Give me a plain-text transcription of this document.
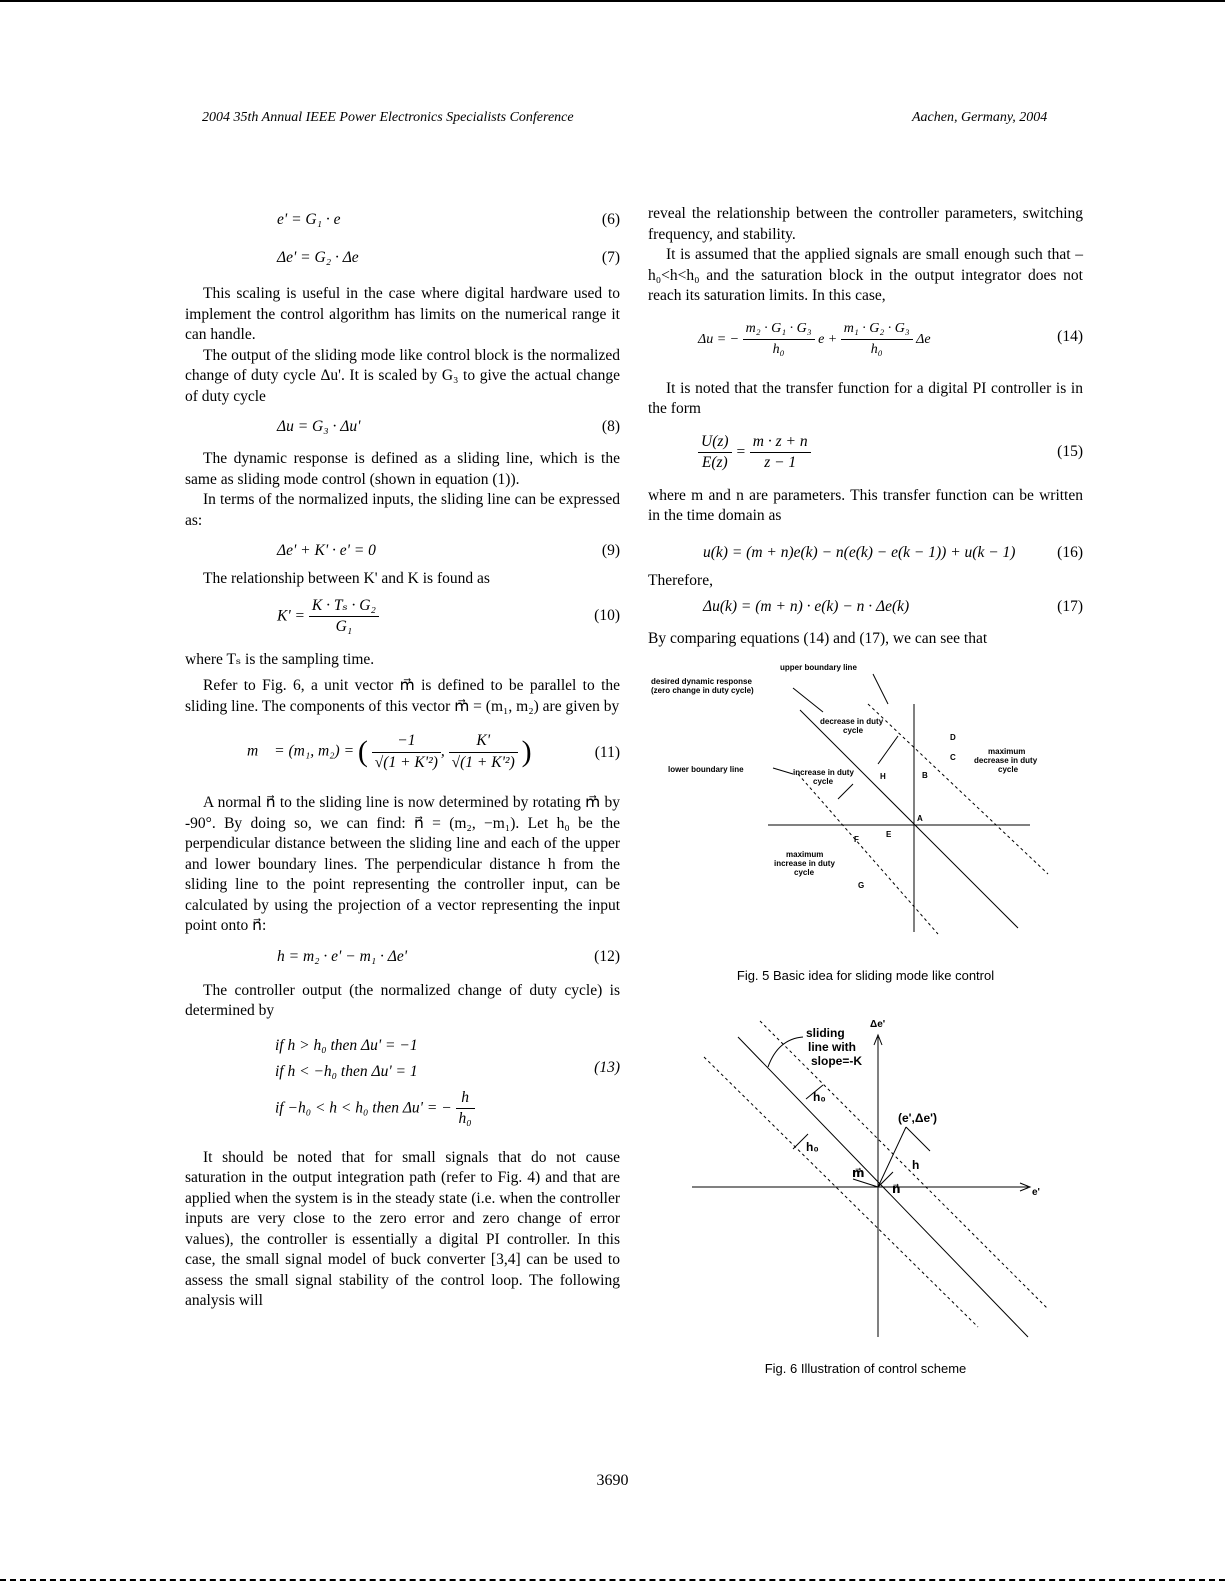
2004 35th Annual IEEE Power Electronics Specialists Conference	Aachen, Germany, 2004
e' = G₁ · e	(6)
Δe' = G₂ · Δe	(7)

This scaling is useful in the case where digital hardware used to implement the control algorithm has limits on the numerical range it can handle.

The output of the sliding mode like control block is the normalized change of duty cycle Δu'. It is scaled by G₃ to give the actual change of duty cycle

Δu = G₃ · Δu'	(8)

The dynamic response is defined as a sliding line, which is the same as sliding mode control (shown in equation (1)).

In terms of the normalized inputs, the sliding line can be expressed as:

Δe' + K' · e' = 0	(9)

The relationship between K' and K is found as

$K' = \frac{\text{K · Tₛ · G₂}}{\text{G₁}}$	(10)

where Tₛ is the sampling time.

Refer to Fig. 6, a unit vector m⃗ is defined to be parallel to the sliding line. The components of this vector m⃗ = (m₁, m₂) are given by

m⃗ = (m₁, m₂) = ( $\frac{-1}{\text{√(1 + K'²)}}$ , $\frac{K'}{\text{√(1 + K'²)}}$ )	(11)

A normal n⃗ to the sliding line is now determined by rotating m⃗ by -90°. By doing so, we can find: n⃗ = (m₂, −m₁). Let h₀ be the perpendicular distance between the sliding line and each of the upper and lower boundary lines. The perpendicular distance h from the sliding line to the point representing the controller input, can be calculated by using the projection of a vector representing the input point onto n⃗:

h = m₂ · e' − m₁ · Δe'	(12)

The controller output (the normalized change of duty cycle) is determined by

if h > h₀ then Δu' = −1
if h < −h₀ then Δu' = 1
if −h₀ < h < h₀ then Δu' = − $\frac{h}{\text{h₀}}$
(13)

It should be noted that for small signals that do not cause saturation in the output integration path (refer to Fig. 4) and that are applied when the system is in the steady state (i.e. when the controller inputs are very close to the zero error and zero change of error values), the controller is essentially a digital PI controller. In this case, the small signal model of buck converter [3,4] can be used to assess the small signal stability of the control loop. The following analysis will

reveal the relationship between the controller parameters, switching frequency, and stability.

It is assumed that the applied signals are small enough such that –h₀<h<h₀ and the saturation block in the output integrator does not reach its saturation limits. In this case,

Δu = − $\frac{\text{m₂ · G₁ · G₃}}{\text{h₀}}$ $e + \frac{\text{m₁ · G₂ · G₃}}{\text{h₀}}$ Δe	(14)

It is noted that the transfer function for a digital PI controller is in the form

$\frac{U(z)}{E(z)} = \frac{m \cdot z + n}{z - 1}$	(15)

where m and n are parameters. This transfer function can be written in the time domain as

u(k) = (m + n)e(k) − n(e(k) − e(k − 1)) + u(k − 1)	(16)

Therefore,

Δu(k) = (m + n) · e(k) − n · Δe(k)	(17)

By comparing equations (14) and (17), we can see that

upper boundary line
desired dynamic response
(zero change in duty cycle)
decrease in duty
cycle
lower boundary line	increase in duty
cycle
maximum
decrease in duty
cycle
maximum
increase in duty
cycle
A
B
C
D
E
F
G
H
Fig. 5 Basic idea for sliding mode like control
sliding
line with
slope=-K
Δe'
e'
(e',Δe')
h₀
h₀
h
m⃗
n⃗
Fig. 6 Illustration of control scheme
3690
